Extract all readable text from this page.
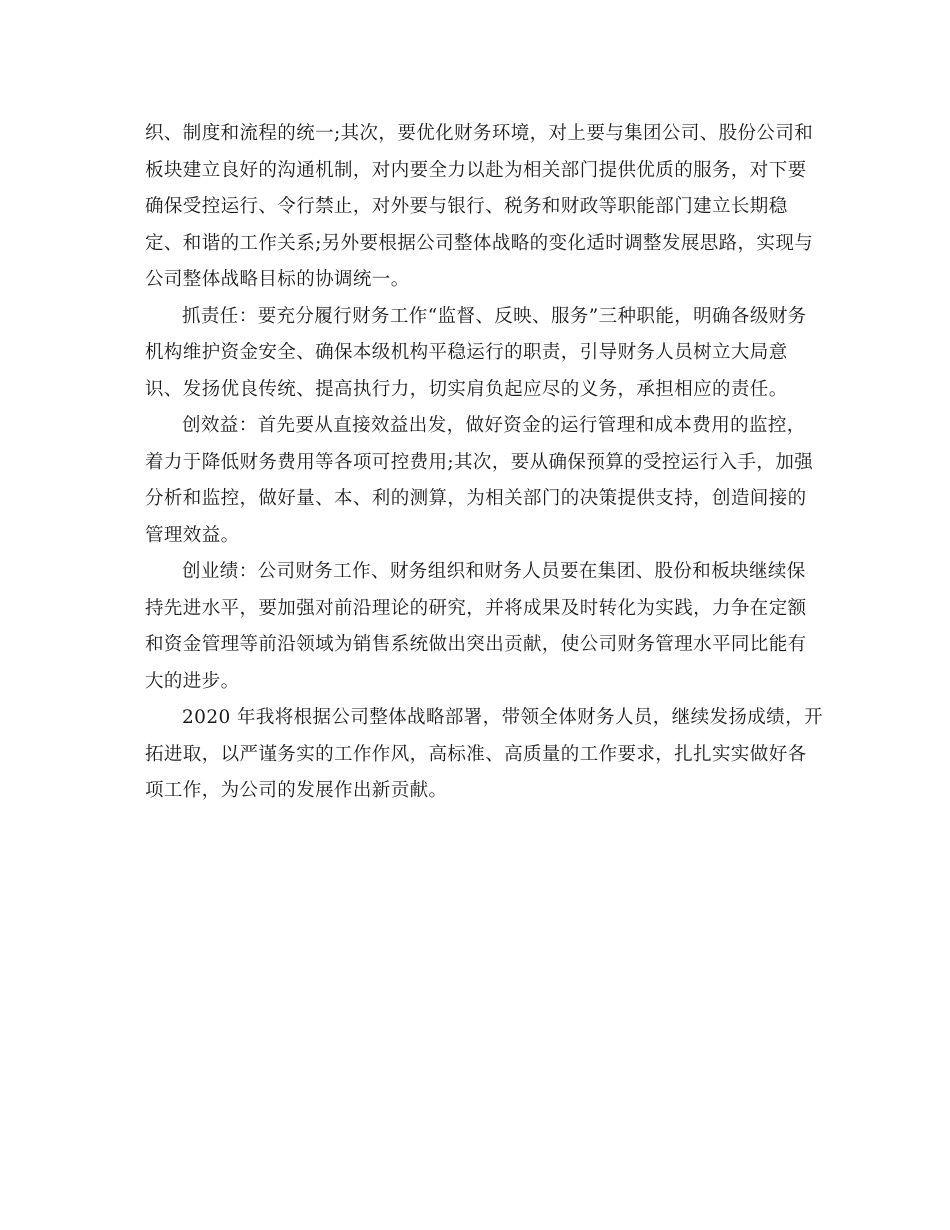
织、制度和流程的统一;其次，要优化财务环境，对上要与集团公司、股份公司和
板块建立良好的沟通机制，对内要全力以赴为相关部门提供优质的服务，对下要
确保受控运行、令行禁止，对外要与银行、税务和财政等职能部门建立长期稳
定、和谐的工作关系;另外要根据公司整体战略的变化适时调整发展思路，实现与
公司整体战略目标的协调统一。

抓责任：要充分履行财务工作“监督、反映、服务”三种职能，明确各级财务
机构维护资金安全、确保本级机构平稳运行的职责，引导财务人员树立大局意
识、发扬优良传统、提高执行力，切实肩负起应尽的义务，承担相应的责任。

创效益：首先要从直接效益出发，做好资金的运行管理和成本费用的监控，
着力于降低财务费用等各项可控费用;其次，要从确保预算的受控运行入手，加强
分析和监控，做好量、本、利的测算，为相关部门的决策提供支持，创造间接的
管理效益。

创业绩：公司财务工作、财务组织和财务人员要在集团、股份和板块继续保
持先进水平，要加强对前沿理论的研究，并将成果及时转化为实践，力争在定额
和资金管理等前沿领域为销售系统做出突出贡献，使公司财务管理水平同比能有
大的进步。

2020 年我将根据公司整体战略部署，带领全体财务人员，继续发扬成绩，开
拓进取，以严谨务实的工作作风，高标准、高质量的工作要求，扎扎实实做好各
项工作，为公司的发展作出新贡献。
